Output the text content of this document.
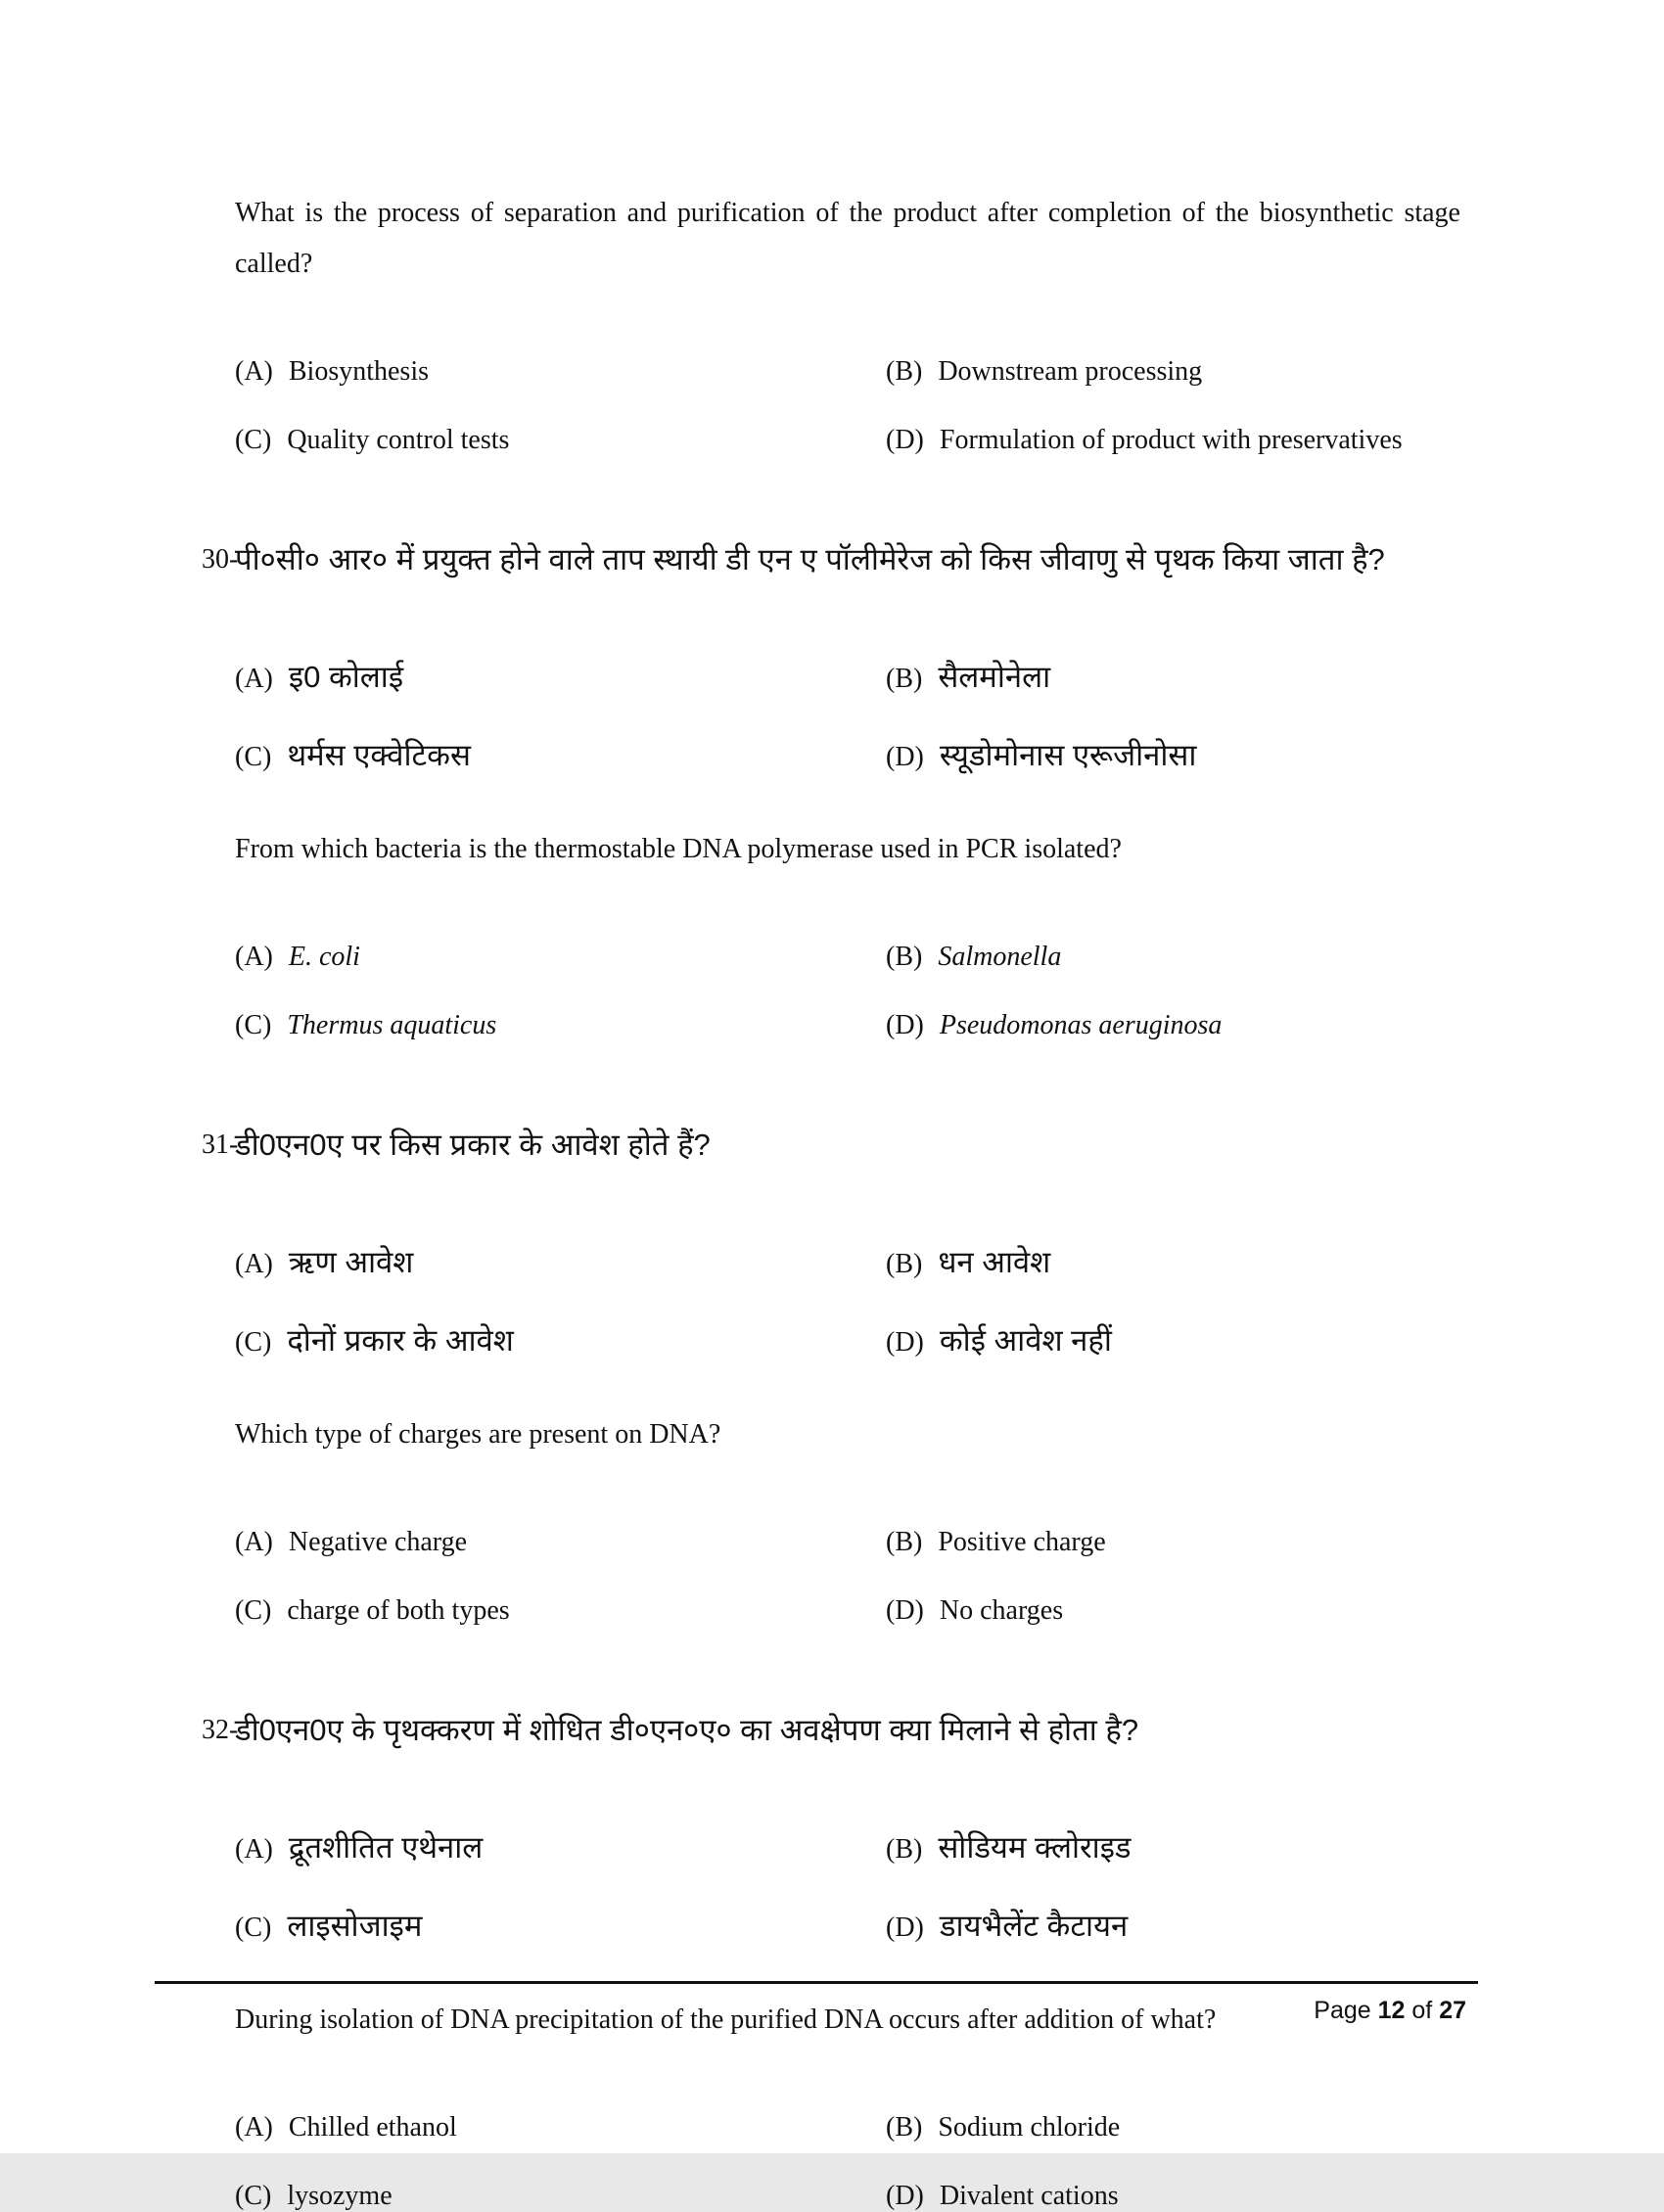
What is the process of separation and purification of the product after completion of the biosynthetic stage called?

(A) Biosynthesis	(B) Downstream processing
(C) Quality control tests	(D) Formulation of product with preservatives

30-
पी०सी० आर० में प्रयुक्त होने वाले ताप स्थायी डी एन ए पॉलीमेरेज को किस जीवाणु से पृथक किया जाता है?

(A) इ0 कोलाई	(B) सैलमोनेला
(C) थर्मस एक्वेटिकस	(D) स्यूडोमोनास एरूजीनोसा

From which bacteria is the thermostable DNA polymerase used in PCR isolated?

(A) E. coli	(B) Salmonella
(C) Thermus aquaticus	(D) Pseudomonas aeruginosa

31-
डी0एन0ए पर किस प्रकार के आवेश होते हैं?

(A) ऋण आवेश	(B) धन आवेश
(C) दोनों प्रकार के आवेश	(D) कोई आवेश नहीं

Which type of charges are present on DNA?

(A) Negative charge	(B) Positive charge
(C) charge of both types	(D) No charges

32-
डी0एन0ए के पृथक्करण में शोधित डी०एन०ए० का अवक्षेपण क्या मिलाने से होता है?

(A) द्रूतशीतित एथेनाल	(B) सोडियम क्लोराइड
(C) लाइसोजाइम	(D) डायभैलेंट कैटायन

During isolation of DNA precipitation of the purified DNA occurs after addition of what?

(A) Chilled ethanol	(B) Sodium chloride
(C) lysozyme	(D) Divalent cations
Page 12 of 27
